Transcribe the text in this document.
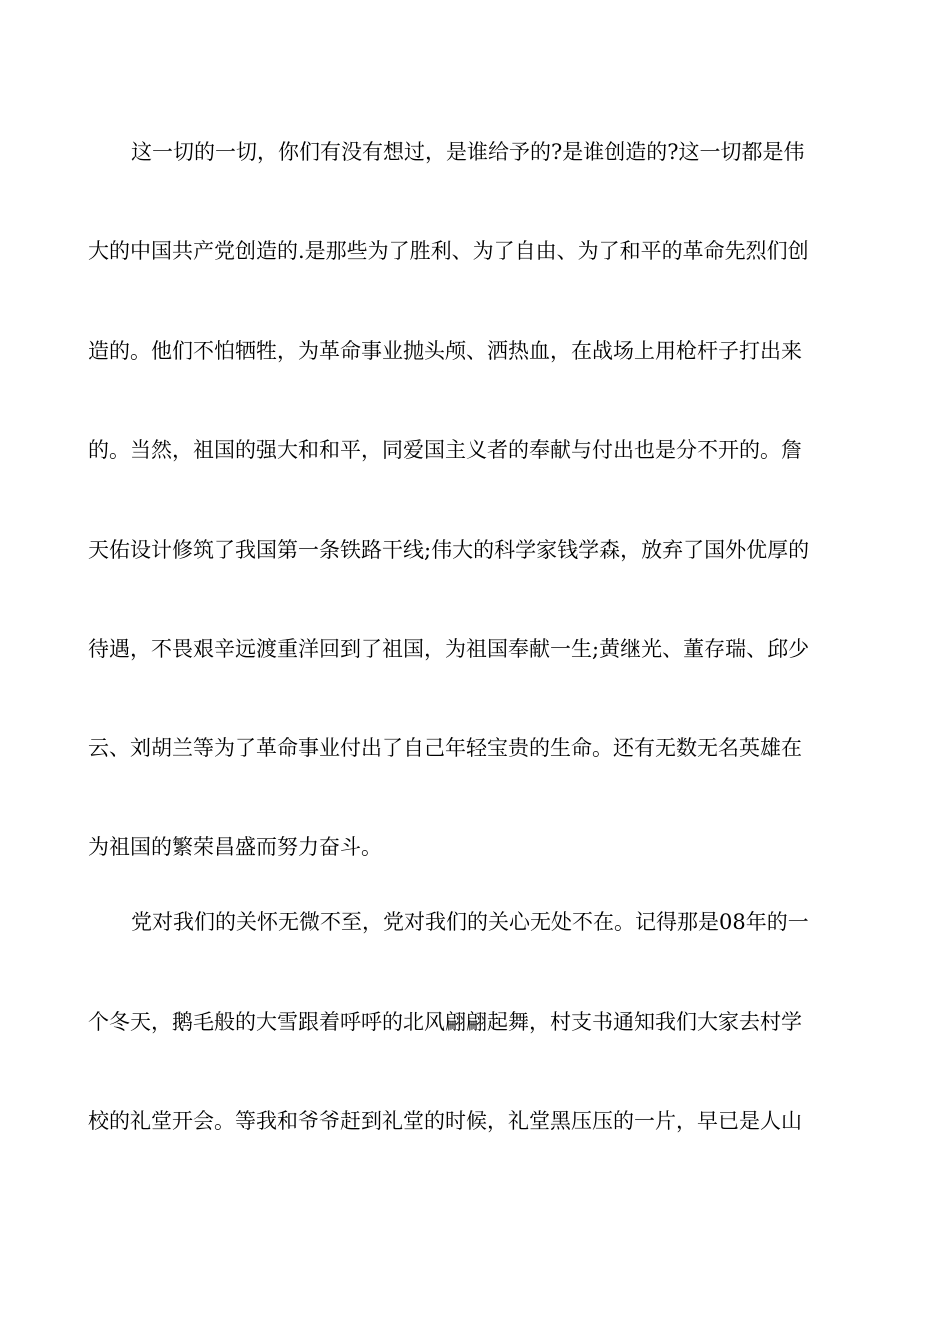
这一切的一切，你们有没有想过，是谁给予的?是谁创造的?这一切都是伟
大的中国共产党创造的.是那些为了胜利、为了自由、为了和平的革命先烈们创
造的。他们不怕牺牲，为革命事业抛头颅、洒热血，在战场上用枪杆子打出来
的。当然，祖国的强大和和平，同爱国主义者的奉献与付出也是分不开的。詹
天佑设计修筑了我国第一条铁路干线;伟大的科学家钱学森，放弃了国外优厚的
待遇，不畏艰辛远渡重洋回到了祖国，为祖国奉献一生;黄继光、董存瑞、邱少
云、刘胡兰等为了革命事业付出了自己年轻宝贵的生命。还有无数无名英雄在
为祖国的繁荣昌盛而努力奋斗。
党对我们的关怀无微不至，党对我们的关心无处不在。记得那是08年的一
个冬天，鹅毛般的大雪跟着呼呼的北风翩翩起舞，村支书通知我们大家去村学
校的礼堂开会。等我和爷爷赶到礼堂的时候，礼堂黑压压的一片，早已是人山
